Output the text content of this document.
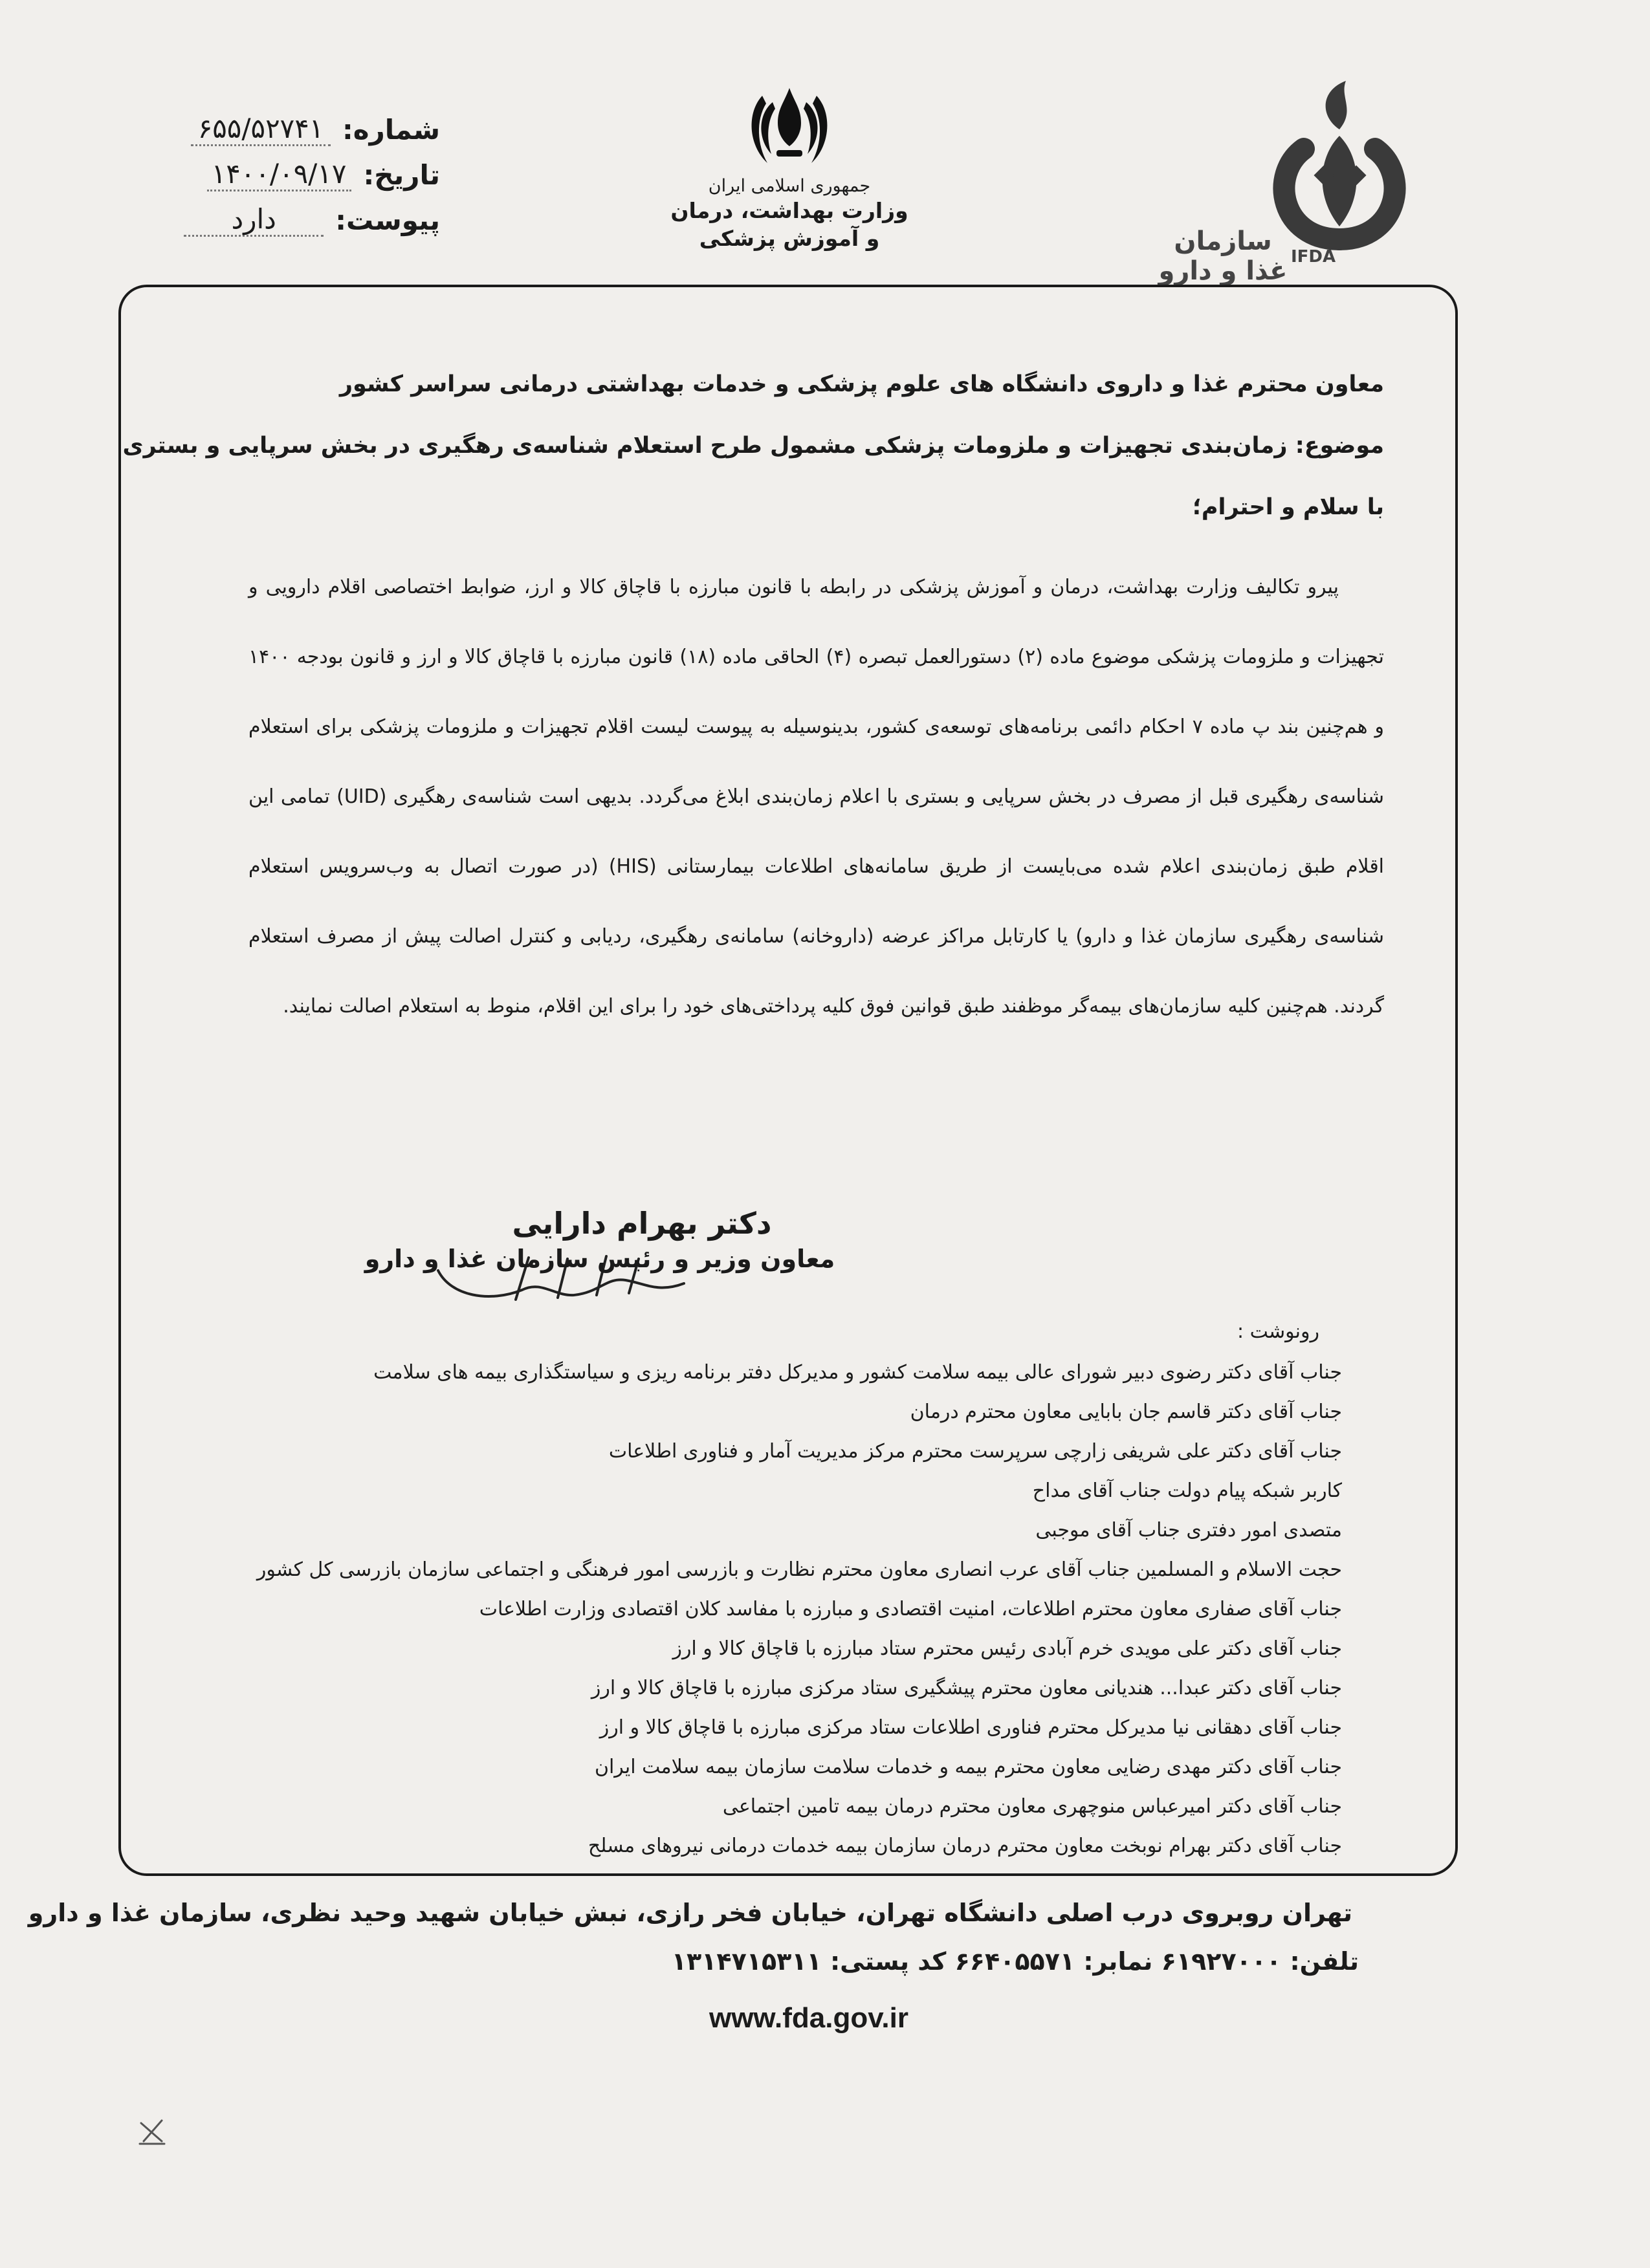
سازمان غذا و دارو IFDA
جمهوری اسلامی ایران
وزارت بهداشت، درمان
و آموزش پزشکی
شماره:
۶۵۵/۵۲۷۴۱
تاریخ:
۱۴۰۰/۰۹/۱۷
پیوست:
دارد
معاون محترم غذا و داروی دانشگاه های علوم پزشکی و خدمات بهداشتی درمانی سراسر کشور
موضوع: زمان‌بندی تجهیزات و ملزومات پزشکی مشمول طرح استعلام شناسه‌ی رهگیری در بخش سرپایی و بستری
با سلام و احترام؛
پیرو تکالیف وزارت بهداشت، درمان و آموزش پزشکی در رابطه با قانون مبارزه با قاچاق کالا و ارز، ضوابط اختصاصی اقلام دارویی و تجهیزات و ملزومات پزشکی موضوع ماده (۲) دستورالعمل تبصره (۴) الحاقی ماده (۱۸) قانون مبارزه با قاچاق کالا و ارز و قانون بودجه ۱۴۰۰ و هم‌چنین بند پ ماده ۷ احکام دائمی برنامه‌های توسعه‌ی کشور، بدینوسیله به پیوست لیست اقلام تجهیزات و ملزومات پزشکی برای استعلام شناسه‌ی رهگیری قبل از مصرف در بخش سرپایی و بستری با اعلام زمان‌بندی ابلاغ می‌گردد. بدیهی است شناسه‌ی رهگیری (UID) تمامی این اقلام طبق زمان‌بندی اعلام شده می‌بایست از طریق سامانه‌های اطلاعات بیمارستانی (HIS) (در صورت اتصال به وب‌سرویس استعلام شناسه‌ی رهگیری سازمان غذا و دارو) یا کارتابل مراکز عرضه (داروخانه) سامانه‌ی رهگیری، ردیابی و کنترل اصالت پیش از مصرف استعلام گردند. هم‌چنین کلیه سازمان‌های بیمه‌گر موظفند طبق قوانین فوق کلیه پرداختی‌های خود را برای این اقلام، منوط به استعلام اصالت نمایند.
دکتر بهرام دارایی
معاون وزیر و رئیس سازمان غذا و دارو
رونوشت :
جناب آقای دکتر رضوی دبیر شورای عالی بیمه سلامت کشور و مدیرکل دفتر برنامه ریزی و سیاستگذاری بیمه های سلامت
جناب آقای دکتر قاسم جان بابایی معاون محترم درمان
جناب آقای دکتر علی شریفی زارچی سرپرست محترم مرکز مدیریت آمار و فناوری اطلاعات
کاربر شبکه پیام دولت جناب آقای مداح
متصدی امور دفتری جناب آقای موجبی
حجت الاسلام و المسلمین جناب آقای عرب انصاری معاون محترم نظارت و بازرسی امور فرهنگی و اجتماعی سازمان بازرسی کل کشور
جناب آقای صفاری معاون محترم اطلاعات، امنیت اقتصادی و مبارزه با مفاسد کلان اقتصادی وزارت اطلاعات
جناب آقای دکتر علی مویدی خرم آبادی رئیس محترم ستاد مبارزه با قاچاق کالا و ارز
جناب آقای دکتر عبدا... هندیانی معاون محترم پیشگیری ستاد مرکزی مبارزه با قاچاق کالا و ارز
جناب آقای دهقانی نیا مدیرکل محترم فناوری اطلاعات ستاد مرکزی مبارزه با قاچاق کالا و ارز
جناب آقای دکتر مهدی رضایی معاون محترم بیمه و خدمات سلامت سازمان بیمه سلامت ایران
جناب آقای دکتر امیرعباس منوچهری معاون محترم درمان بیمه تامین اجتماعی
جناب آقای دکتر بهرام نوبخت معاون محترم درمان سازمان بیمه خدمات درمانی نیروهای مسلح
تهران روبروی درب اصلی دانشگاه تهران، خیابان فخر رازی، نبش خیابان شهید وحید نظری، سازمان غذا و دارو
تلفن: ۶۱۹۲۷۰۰۰ نمابر: ۶۶۴۰۵۵۷۱ کد پستی: ۱۳۱۴۷۱۵۳۱۱
www.fda.gov.ir
